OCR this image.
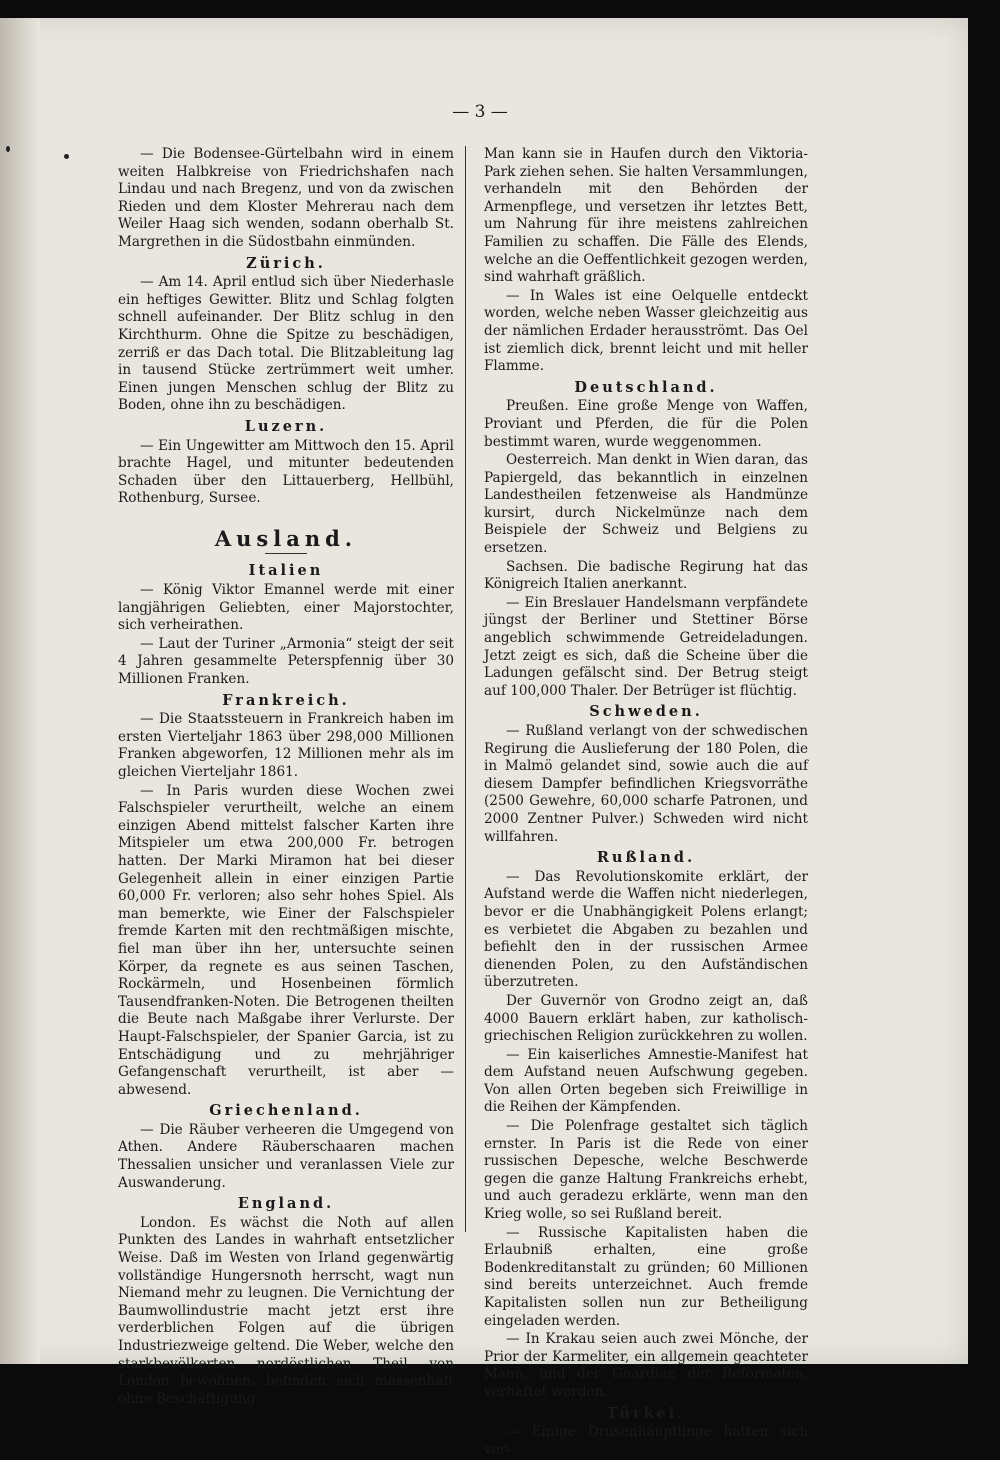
— 3 —

— Die Bodensee-Gürtelbahn wird in einem weiten Halbkreise von Friedrichshafen nach Lindau und nach Bregenz, und von da zwischen Rieden und dem Kloster Mehrerau nach dem Weiler Haag sich wenden, sodann oberhalb St. Margrethen in die Südostbahn einmünden.

Zürich.

— Am 14. April entlud sich über Niederhasle ein heftiges Gewitter. Blitz und Schlag folgten schnell aufeinander. Der Blitz schlug in den Kirchthurm. Ohne die Spitze zu beschädigen, zerriß er das Dach total. Die Blitzableitung lag in tausend Stücke zertrümmert weit umher. Einen jungen Menschen schlug der Blitz zu Boden, ohne ihn zu beschädigen.

Luzern.

— Ein Ungewitter am Mittwoch den 15. April brachte Hagel, und mitunter bedeutenden Schaden über den Littauerberg, Hellbühl, Rothenburg, Sursee.

Ausland.
Italien

— König Viktor Emannel werde mit einer langjährigen Geliebten, einer Majorstochter, sich verheirathen.

— Laut der Turiner „Armonia“ steigt der seit 4 Jahren gesammelte Peterspfennig über 30 Millionen Franken.

Frankreich.

— Die Staatssteuern in Frankreich haben im ersten Vierteljahr 1863 über 298,000 Millionen Franken abgeworfen, 12 Millionen mehr als im gleichen Vierteljahr 1861.

— In Paris wurden diese Wochen zwei Falschspieler verurtheilt, welche an einem einzigen Abend mittelst falscher Karten ihre Mitspieler um etwa 200,000 Fr. betrogen hatten. Der Marki Miramon hat bei dieser Gelegenheit allein in einer einzigen Partie 60,000 Fr. verloren; also sehr hohes Spiel. Als man bemerkte, wie Einer der Falschspieler fremde Karten mit den rechtmäßigen mischte, fiel man über ihn her, untersuchte seinen Körper, da regnete es aus seinen Taschen, Rockärmeln, und Hosenbeinen förmlich Tausendfranken-Noten. Die Betrogenen theilten die Beute nach Maßgabe ihrer Verlurste. Der Haupt-Falschspieler, der Spanier Garcia, ist zu Entschädigung und zu mehrjähriger Gefangenschaft verurtheilt, ist aber — abwesend.

Griechenland.

— Die Räuber verheeren die Umgegend von Athen. Andere Räuberschaaren machen Thessalien unsicher und veranlassen Viele zur Auswanderung.

England.

London. Es wächst die Noth auf allen Punkten des Landes in wahrhaft entsetzlicher Weise. Daß im Westen von Irland gegenwärtig vollständige Hungersnoth herrscht, wagt nun Niemand mehr zu leugnen. Die Vernichtung der Baumwollindustrie macht jetzt erst ihre verderblichen Folgen auf die übrigen Industriezweige geltend. Die Weber, welche den starkbevölkerten nordöstlichen Theil von London bewohnen, befinden sich massenhaft ohne Beschäftigung.

Man kann sie in Haufen durch den Viktoria-Park ziehen sehen. Sie halten Versammlungen, verhandeln mit den Behörden der Armenpflege, und versetzen ihr letztes Bett, um Nahrung für ihre meistens zahlreichen Familien zu schaffen. Die Fälle des Elends, welche an die Oeffentlichkeit gezogen werden, sind wahrhaft gräßlich.

— In Wales ist eine Oelquelle entdeckt worden, welche neben Wasser gleichzeitig aus der nämlichen Erdader herausströmt. Das Oel ist ziemlich dick, brennt leicht und mit heller Flamme.

Deutschland.

Preußen. Eine große Menge von Waffen, Proviant und Pferden, die für die Polen bestimmt waren, wurde weggenommen.

Oesterreich. Man denkt in Wien daran, das Papiergeld, das bekanntlich in einzelnen Landestheilen fetzenweise als Handmünze kursirt, durch Nickelmünze nach dem Beispiele der Schweiz und Belgiens zu ersetzen.

Sachsen. Die badische Regirung hat das Königreich Italien anerkannt.

— Ein Breslauer Handelsmann verpfändete jüngst der Berliner und Stettiner Börse angeblich schwimmende Getreideladungen. Jetzt zeigt es sich, daß die Scheine über die Ladungen gefälscht sind. Der Betrug steigt auf 100,000 Thaler. Der Betrüger ist flüchtig.

Schweden.

— Rußland verlangt von der schwedischen Regirung die Auslieferung der 180 Polen, die in Malmö gelandet sind, sowie auch die auf diesem Dampfer befindlichen Kriegsvorräthe (2500 Gewehre, 60,000 scharfe Patronen, und 2000 Zentner Pulver.) Schweden wird nicht willfahren.

Rußland.

— Das Revolutionskomite erklärt, der Aufstand werde die Waffen nicht niederlegen, bevor er die Unabhängigkeit Polens erlangt; es verbietet die Abgaben zu bezahlen und befiehlt den in der russischen Armee dienenden Polen, zu den Aufständischen überzutreten.

Der Guvernör von Grodno zeigt an, daß 4000 Bauern erklärt haben, zur katholisch-griechischen Religion zurückkehren zu wollen.

— Ein kaiserliches Amnestie-Manifest hat dem Aufstand neuen Aufschwung gegeben. Von allen Orten begeben sich Freiwillige in die Reihen der Kämpfenden.

— Die Polenfrage gestaltet sich täglich ernster. In Paris ist die Rede von einer russischen Depesche, welche Beschwerde gegen die ganze Haltung Frankreichs erhebt, und auch geradezu erklärte, wenn man den Krieg wolle, so sei Rußland bereit.

— Russische Kapitalisten haben die Erlaubniß erhalten, eine große Bodenkreditanstalt zu gründen; 60 Millionen sind bereits unterzeichnet. Auch fremde Kapitalisten sollen nun zur Betheiligung eingeladen werden.

— In Krakau seien auch zwei Mönche, der Prior der Karmeliter, ein allgemein geachteter Mann, und der Guardian der Reformaten, verhaftet worden.

Türkei.

— Einige Drusenhäuptlinge hatten sich ver-
